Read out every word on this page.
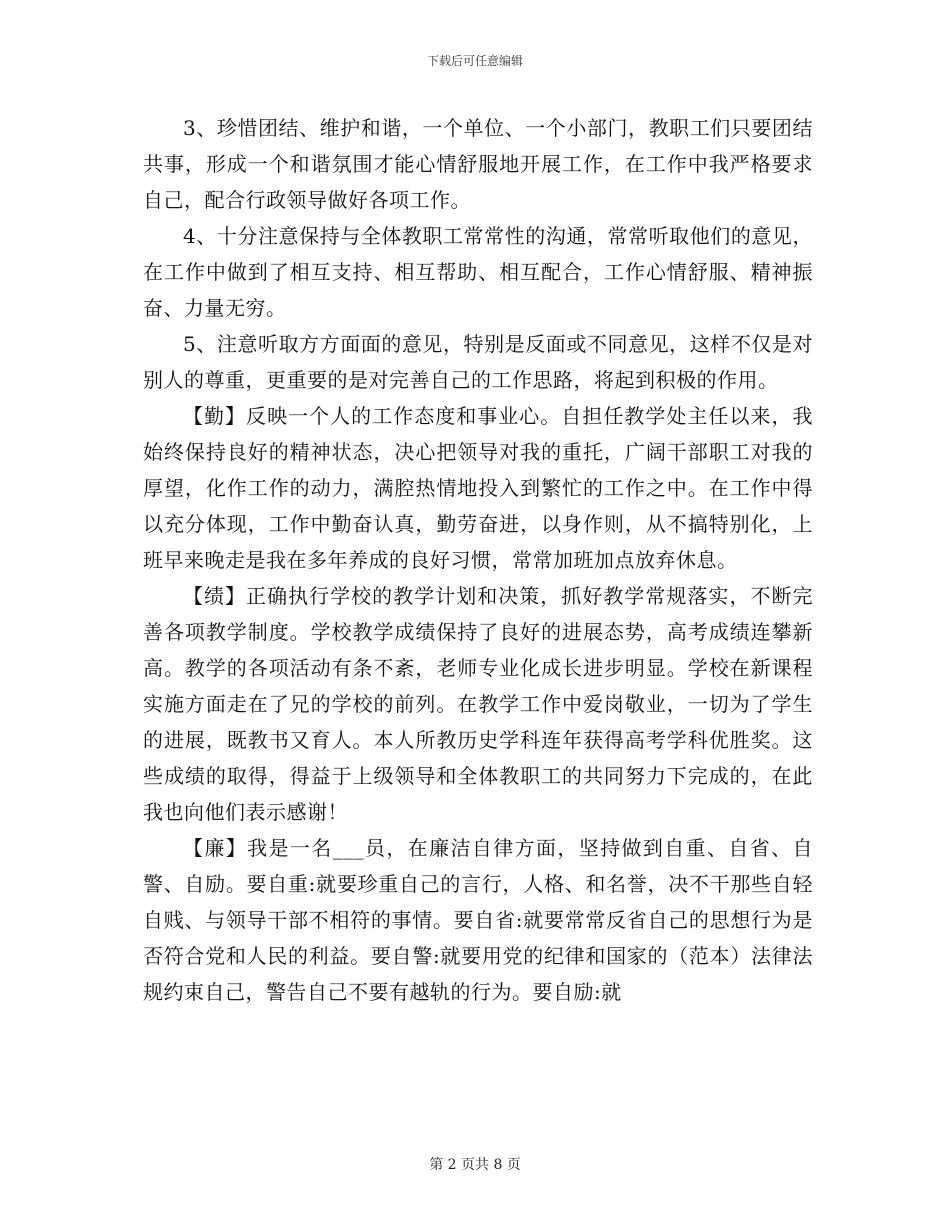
下载后可任意编辑

3、珍惜团结、维护和谐，一个单位、一个小部门，教职工们只要团结共事，形成一个和谐氛围才能心情舒服地开展工作，在工作中我严格要求自己，配合行政领导做好各项工作。

4、十分注意保持与全体教职工常常性的沟通，常常听取他们的意见，在工作中做到了相互支持、相互帮助、相互配合，工作心情舒服、精神振奋、力量无穷。

5、注意听取方方面面的意见，特别是反面或不同意见，这样不仅是对别人的尊重，更重要的是对完善自己的工作思路，将起到积极的作用。

【勤】反映一个人的工作态度和事业心。自担任教学处主任以来，我始终保持良好的精神状态，决心把领导对我的重托，广阔干部职工对我的厚望，化作工作的动力，满腔热情地投入到繁忙的工作之中。在工作中得以充分体现，工作中勤奋认真，勤劳奋进，以身作则，从不搞特别化，上班早来晚走是我在多年养成的良好习惯，常常加班加点放弃休息。

【绩】正确执行学校的教学计划和决策，抓好教学常规落实，不断完善各项教学制度。学校教学成绩保持了良好的进展态势，高考成绩连攀新高。教学的各项活动有条不紊，老师专业化成长进步明显。学校在新课程实施方面走在了兄的学校的前列。在教学工作中爱岗敬业，一切为了学生的进展，既教书又育人。本人所教历史学科连年获得高考学科优胜奖。这些成绩的取得，得益于上级领导和全体教职工的共同努力下完成的，在此我也向他们表示感谢！

【廉】我是一名___员，在廉洁自律方面，坚持做到自重、自省、自警、自励。要自重:就要珍重自己的言行，人格、和名誉，决不干那些自轻自贱、与领导干部不相符的事情。要自省:就要常常反省自己的思想行为是否符合党和人民的利益。要自警:就要用党的纪律和国家的（范本）法律法规约束自己，警告自己不要有越轨的行为。要自励:就

第 2 页共 8 页
